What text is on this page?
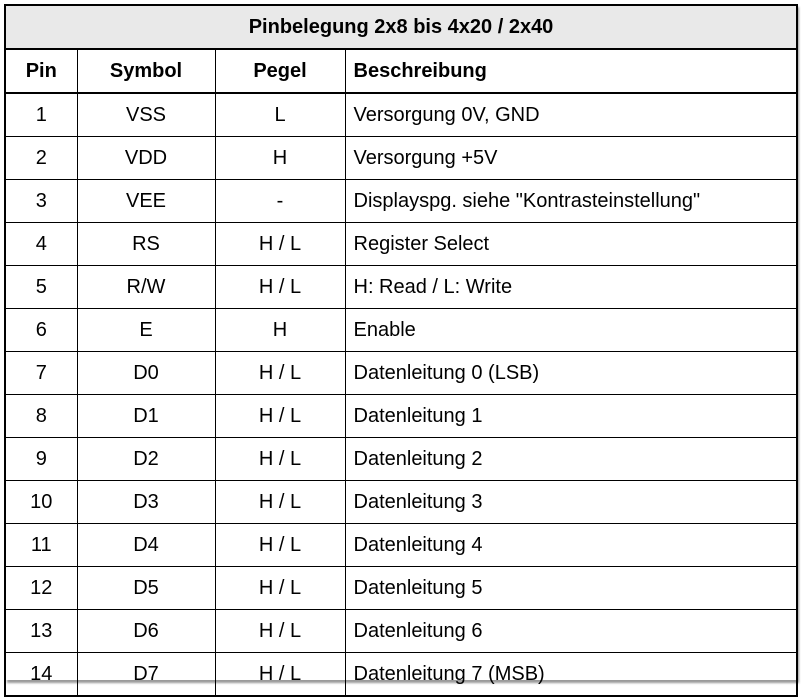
Pinbelegung 2x8 bis 4x20 / 2x40			
Pin	Symbol	Pegel	Beschreibung
1	VSS	L	Versorgung 0V, GND
2	VDD	H	Versorgung +5V
3	VEE	-	Displayspg. siehe "Kontrasteinstellung"
4	RS	H / L	Register Select
5	R/W	H / L	H: Read / L: Write
6	E	H	Enable
7	D0	H / L	Datenleitung 0 (LSB)
8	D1	H / L	Datenleitung 1
9	D2	H / L	Datenleitung 2
10	D3	H / L	Datenleitung 3
11	D4	H / L	Datenleitung 4
12	D5	H / L	Datenleitung 5
13	D6	H / L	Datenleitung 6
14	D7	H / L	Datenleitung 7 (MSB)
